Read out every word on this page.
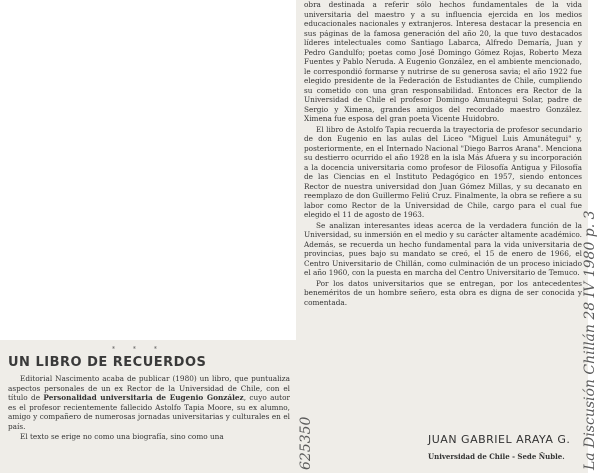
obra destinada a referir sólo hechos fundamentales de la vida universitaria del maestro y a su influencia ejercida en los medios educacionales nacionales y extranjeros. Interesa destacar la presencia en sus páginas de la famosa generación del año 20, la que tuvo destacados líderes intelectuales como Santiago Labarca, Alfredo Demaría, Juan y Pedro Gandulfo; poetas como José Domingo Gómez Rojas, Roberto Meza Fuentes y Pablo Neruda. A Eugenio González, en el ambiente mencionado, le correspondió formarse y nutrirse de su generosa savia; el año 1922 fue elegido presidente de la Federación de Estudiantes de Chile, cumpliendo su cometido con una gran responsabilidad. Entonces era Rector de la Universidad de Chile el profesor Domingo Amunátegui Solar, padre de Sergio y Ximena, grandes amigos del recordado maestro González. Ximena fue esposa del gran poeta Vicente Huidobro.

El libro de Astolfo Tapia recuerda la trayectoria de profesor secundario de don Eugenio en las aulas del Liceo "Miguel Luis Amunátegui" y, posteriormente, en el Internado Nacional "Diego Barros Arana". Menciona su destierro ocurrido el año 1928 en la isla Más Afuera y su incorporación a la docencia universitaria como profesor de Filosofía Antigua y Filosofía de las Ciencias en el Instituto Pedagógico en 1957, siendo entonces Rector de nuestra universidad don Juan Gómez Millas, y su decanato en reemplazo de don Guillermo Feliú Cruz. Finalmente, la obra se refiere a su labor como Rector de la Universidad de Chile, cargo para el cual fue elegido el 11 de agosto de 1963.

Se analizan interesantes ideas acerca de la verdadera función de la Universidad, su inmersión en el medio y su carácter altamente académico. Además, se recuerda un hecho fundamental para la vida universitaria de provincias, pues bajo su mandato se creó, el 15 de enero de 1966, el Centro Universitario de Chillán, como culminación de un proceso iniciado el año 1960, con la puesta en marcha del Centro Universitario de Temuco.

Por los datos universitarios que se entregan, por los antecedentes beneméritos de un hombre señero, esta obra es digna de ser conocida y comentada.

* * *
UN LIBRO DE RECUERDOS

Editorial Nascimento acaba de publicar (1980) un libro, que puntualiza aspectos personales de un ex Rector de la Universidad de Chile, con el título de Personalidad universitaria de Eugenio González, cuyo autor es el profesor recientemente fallecido Astolfo Tapia Moore, su ex alumno, amigo y compañero de numerosas jornadas universitarias y culturales en el país.

El texto se erige no como una biografía, sino como una	JUAN GABRIEL ARAYA G.
Universidad de Chile - Sede Ñuble. La Discusión Chillán 28 IV 1980 p. 3
625350
